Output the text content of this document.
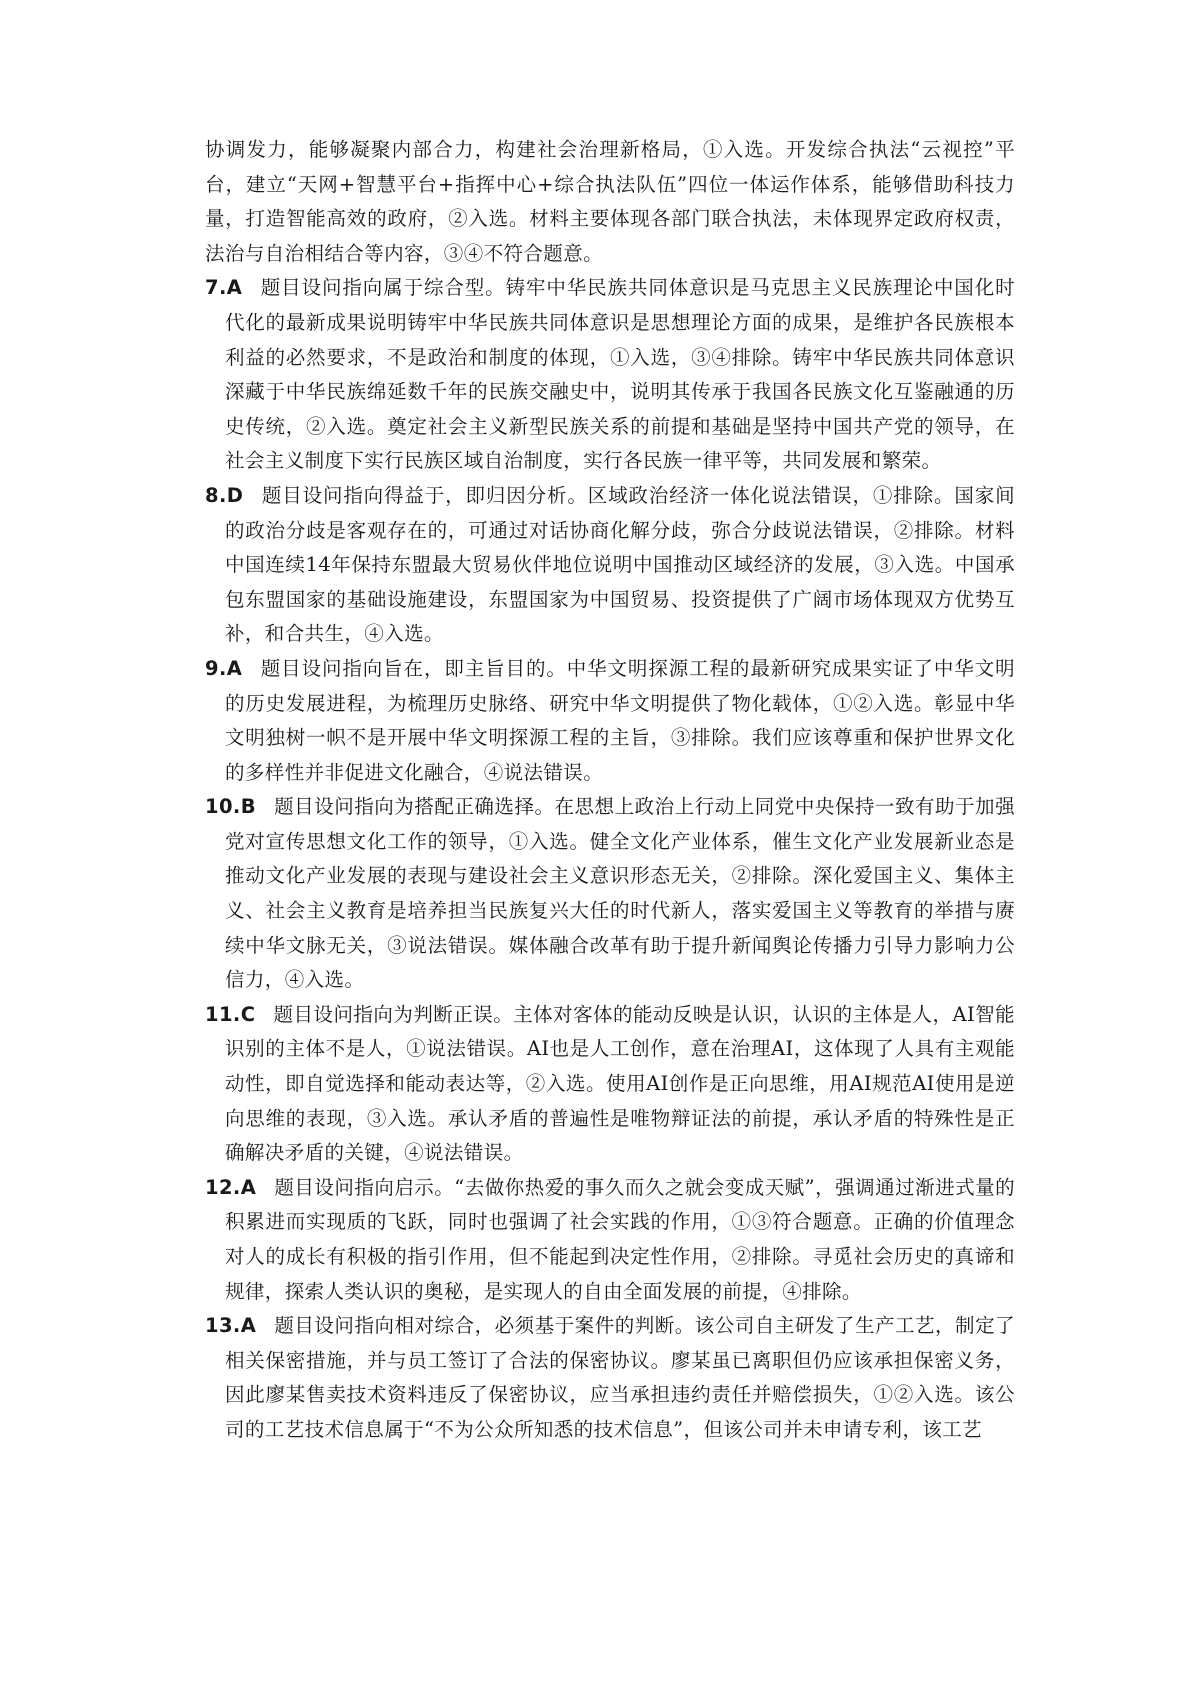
协调发力，能够凝聚内部合力，构建社会治理新格局，①入选。开发综合执法“云视控”平台，建立“天网+智慧平台+指挥中心+综合执法队伍”四位一体运作体系，能够借助科技力量，打造智能高效的政府，②入选。材料主要体现各部门联合执法，未体现界定政府权责，法治与自治相结合等内容，③④不符合题意。

7.A 题目设问指向属于综合型。铸牢中华民族共同体意识是马克思主义民族理论中国化时代化的最新成果说明铸牢中华民族共同体意识是思想理论方面的成果，是维护各民族根本利益的必然要求，不是政治和制度的体现，①入选，③④排除。铸牢中华民族共同体意识深藏于中华民族绵延数千年的民族交融史中，说明其传承于我国各民族文化互鉴融通的历史传统，②入选。奠定社会主义新型民族关系的前提和基础是坚持中国共产党的领导，在社会主义制度下实行民族区域自治制度，实行各民族一律平等，共同发展和繁荣。

8.D 题目设问指向得益于，即归因分析。区域政治经济一体化说法错误，①排除。国家间的政治分歧是客观存在的，可通过对话协商化解分歧，弥合分歧说法错误，②排除。材料中国连续14年保持东盟最大贸易伙伴地位说明中国推动区域经济的发展，③入选。中国承包东盟国家的基础设施建设，东盟国家为中国贸易、投资提供了广阔市场体现双方优势互补，和合共生，④入选。

9.A 题目设问指向旨在，即主旨目的。中华文明探源工程的最新研究成果实证了中华文明的历史发展进程，为梳理历史脉络、研究中华文明提供了物化载体，①②入选。彰显中华文明独树一帜不是开展中华文明探源工程的主旨，③排除。我们应该尊重和保护世界文化的多样性并非促进文化融合，④说法错误。

10.B 题目设问指向为搭配正确选择。在思想上政治上行动上同党中央保持一致有助于加强党对宣传思想文化工作的领导，①入选。健全文化产业体系，催生文化产业发展新业态是推动文化产业发展的表现与建设社会主义意识形态无关，②排除。深化爱国主义、集体主义、社会主义教育是培养担当民族复兴大任的时代新人，落实爱国主义等教育的举措与赓续中华文脉无关，③说法错误。媒体融合改革有助于提升新闻舆论传播力引导力影响力公信力，④入选。

11.C 题目设问指向为判断正误。主体对客体的能动反映是认识，认识的主体是人，AI智能识别的主体不是人，①说法错误。AI也是人工创作，意在治理AI，这体现了人具有主观能动性，即自觉选择和能动表达等，②入选。使用AI创作是正向思维，用AI规范AI使用是逆向思维的表现，③入选。承认矛盾的普遍性是唯物辩证法的前提，承认矛盾的特殊性是正确解决矛盾的关键，④说法错误。

12.A 题目设问指向启示。“去做你热爱的事久而久之就会变成天赋”，强调通过渐进式量的积累进而实现质的飞跃，同时也强调了社会实践的作用，①③符合题意。正确的价值理念对人的成长有积极的指引作用，但不能起到决定性作用，②排除。寻觅社会历史的真谛和规律，探索人类认识的奥秘，是实现人的自由全面发展的前提，④排除。

13.A 题目设问指向相对综合，必须基于案件的判断。该公司自主研发了生产工艺，制定了相关保密措施，并与员工签订了合法的保密协议。廖某虽已离职但仍应该承担保密义务，因此廖某售卖技术资料违反了保密协议，应当承担违约责任并赔偿损失，①②入选。该公司的工艺技术信息属于“不为公众所知悉的技术信息”，但该公司并未申请专利，该工艺
